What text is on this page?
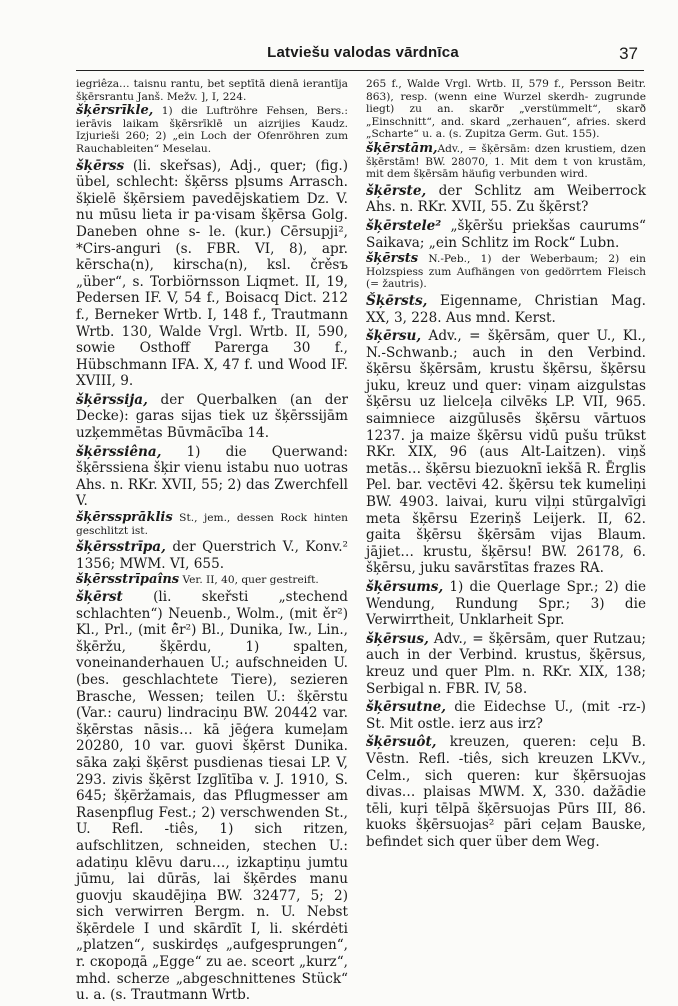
Latviešu valodas vārdnīca	37

iegriêza… taisnu rantu, bet septītā dienā ierantīja šķērsrantu Janš. Mežv. ], I, 224.

šķērsrīkle, 1) die Luftröhre Fehsen, Bers.: ierāvis laikam šķērsrīklē un aizrijies Kaudz. Izjurieši 260; 2) „ein Loch der Ofenröhren zum Rauchableiten“ Meselau.

šķērss (li. skeřsas), Adj., quer; (fig.) übel, schlecht: šķērss pļsums Arrasch. šķielē šķērsiem pavedējskatiem Dz. V. nu mūsu lieta ir pa·visam šķērsa Golg. Daneben ohne s- le. (kur.) Cērsupji², *Cirs-anguri (s. FBR. VI, 8), apr. kērscha(n), kirscha(n), ksl. črěsъ „über“, s. Torbiörnsson Liqmet. II, 19, Pedersen IF. V, 54 f., Boisacq Dict. 212 f., Berneker Wrtb. I, 148 f., Trautmann Wrtb. 130, Walde Vrgl. Wrtb. II, 590, sowie Osthoff Parerga 30 f., Hübschmann IFA. X, 47 f. und Wood IF. XVIII, 9.

šķērssija, der Querbalken (an der Decke): garas sijas tiek uz šķērssijām uzķemmētas Būvmācība 14.

šķērssiêna, 1) die Querwand: šķērssiena šķir vienu istabu nuo uotras Ahs. n. RKr. XVII, 55; 2) das Zwerchfell V.

šķērssprāklis St., jem., dessen Rock hinten geschlitzt ist.

šķērsstrīpa, der Querstrich V., Konv.² 1356; MWM. VI, 655.

šķērsstrīpaîns Ver. II, 40, quer gestreift.

šķērst (li. skeřsti „stechend schlachten“) Neuenb., Wolm., (mit ěr²) Kl., Prl., (mit ê̄r²) Bl., Dunika, Iw., Lin., šķēržu, šķērdu, 1) spalten, voneinanderhauen U.; aufschneiden U. (bes. geschlachtete Tiere), sezieren Brasche, Wessen; teilen U.: šķērstu (Var.: cauru) lindraciņu BW. 20442 var. šķērstas nāsis… kā jēģera kumeļam 20280, 10 var. guovi šķērst Dunika. sāka zaķi šķērst pusdienas tiesai LP. V, 293. zivis šķērst Izglītība v. J. 1910, S. 645; šķēržamais, das Pflugmesser am Rasenpflug Fest.; 2) verschwenden St., U. Refl. -tiês, 1) sich ritzen, aufschlitzen, schneiden, stechen U.: adatiņu klēvu daru…, izkaptiņu jumtu jūmu, lai dūrās, lai šķērdes manu guovju skaudējiņa BW. 32477, 5; 2) sich verwirren Bergm. n. U. Nebst šķērdele I und skārdīt I, li. skérdėti „platzen“, suskirdęs „aufgesprungen“, r. скоpoдā „Egge“ zu ae. sceort „kurz“, mhd. scherze „abgeschnittenes Stück“ u. a. (s. Trautmann Wrtb.

265 f., Walde Vrgl. Wrtb. II, 579 f., Persson Beitr. 863), resp. (wenn eine Wurzel skerdh- zugrunde liegt) zu an. skarðr „verstümmelt“, skarð „Einschnitt“, and. skard „zerhauen“, afries. skerd „Scharte“ u. a. (s. Zupitza Germ. Gut. 155).

šķērstām,Adv., = šķērsām: dzen krustiem, dzen šķērstām! BW. 28070, 1. Mit dem t von krustām, mit dem šķērsām häufig verbunden wird.

šķērste, der Schlitz am Weiberrock Ahs. n. RKr. XVII, 55. Zu šķērst?

šķērstele² „šķēršu priekšas caurums“ Saikava; „ein Schlitz im Rock“ Lubn.

šķērsts N.-Peb., 1) der Weberbaum; 2) ein Holzspiess zum Aufhängen von gedörrtem Fleisch (= žautris).

Šķērsts, Eigenname, Christian Mag. XX, 3, 228. Aus mnd. Kerst.

šķērsu, Adv., = šķērsām, quer U., Kl., N.-Schwanb.; auch in den Verbind. šķērsu šķērsām, krustu šķērsu, šķērsu juku, kreuz und quer: viņam aizgulstas šķērsu uz lielceļa cilvēks LP. VII, 965. saimniece aizgūlusēs šķērsu vārtuos 1237. ja maize šķērsu vidū pušu trūkst RKr. XIX, 96 (aus Alt-Laitzen). viņš metās… šķērsu biezuoknī iekšā R. Ērglis Pel. bar. vectēvi 42. šķērsu tek kumeliņi BW. 4903. laivai, kuru viļņi stūrgalvīgi meta šķērsu Ezeriņš Leijerk. II, 62. gaita šķērsu šķērsām vijas Blaum. jājiet… krustu, šķērsu! BW. 26178, 6. šķērsu, juku savārstītas frazes RA.

šķērsums, 1) die Querlage Spr.; 2) die Wendung, Rundung Spr.; 3) die Verwirrtheit, Unklarheit Spr.

šķērsus, Adv., = šķērsām, quer Rutzau; auch in der Verbind. krustus, šķērsus, kreuz und quer Plm. n. RKr. XIX, 138; Serbigal n. FBR. IV, 58.

šķērsutne, die Eidechse U., (mit -rz-) St. Mit ostle. ierz aus irz?

šķērsuôt, kreuzen, queren: ceļu B. Vēstn. Refl. -tiês, sich kreuzen LKVv., Celm., sich queren: kur šķērsuojas divas… plaisas MWM. X, 330. dažādie tēli, kuŗi tēlpā šķērsuojas Pūrs III, 86. kuoks šķērsuojas² pāri ceļam Bauske, befindet sich quer über dem Weg.
